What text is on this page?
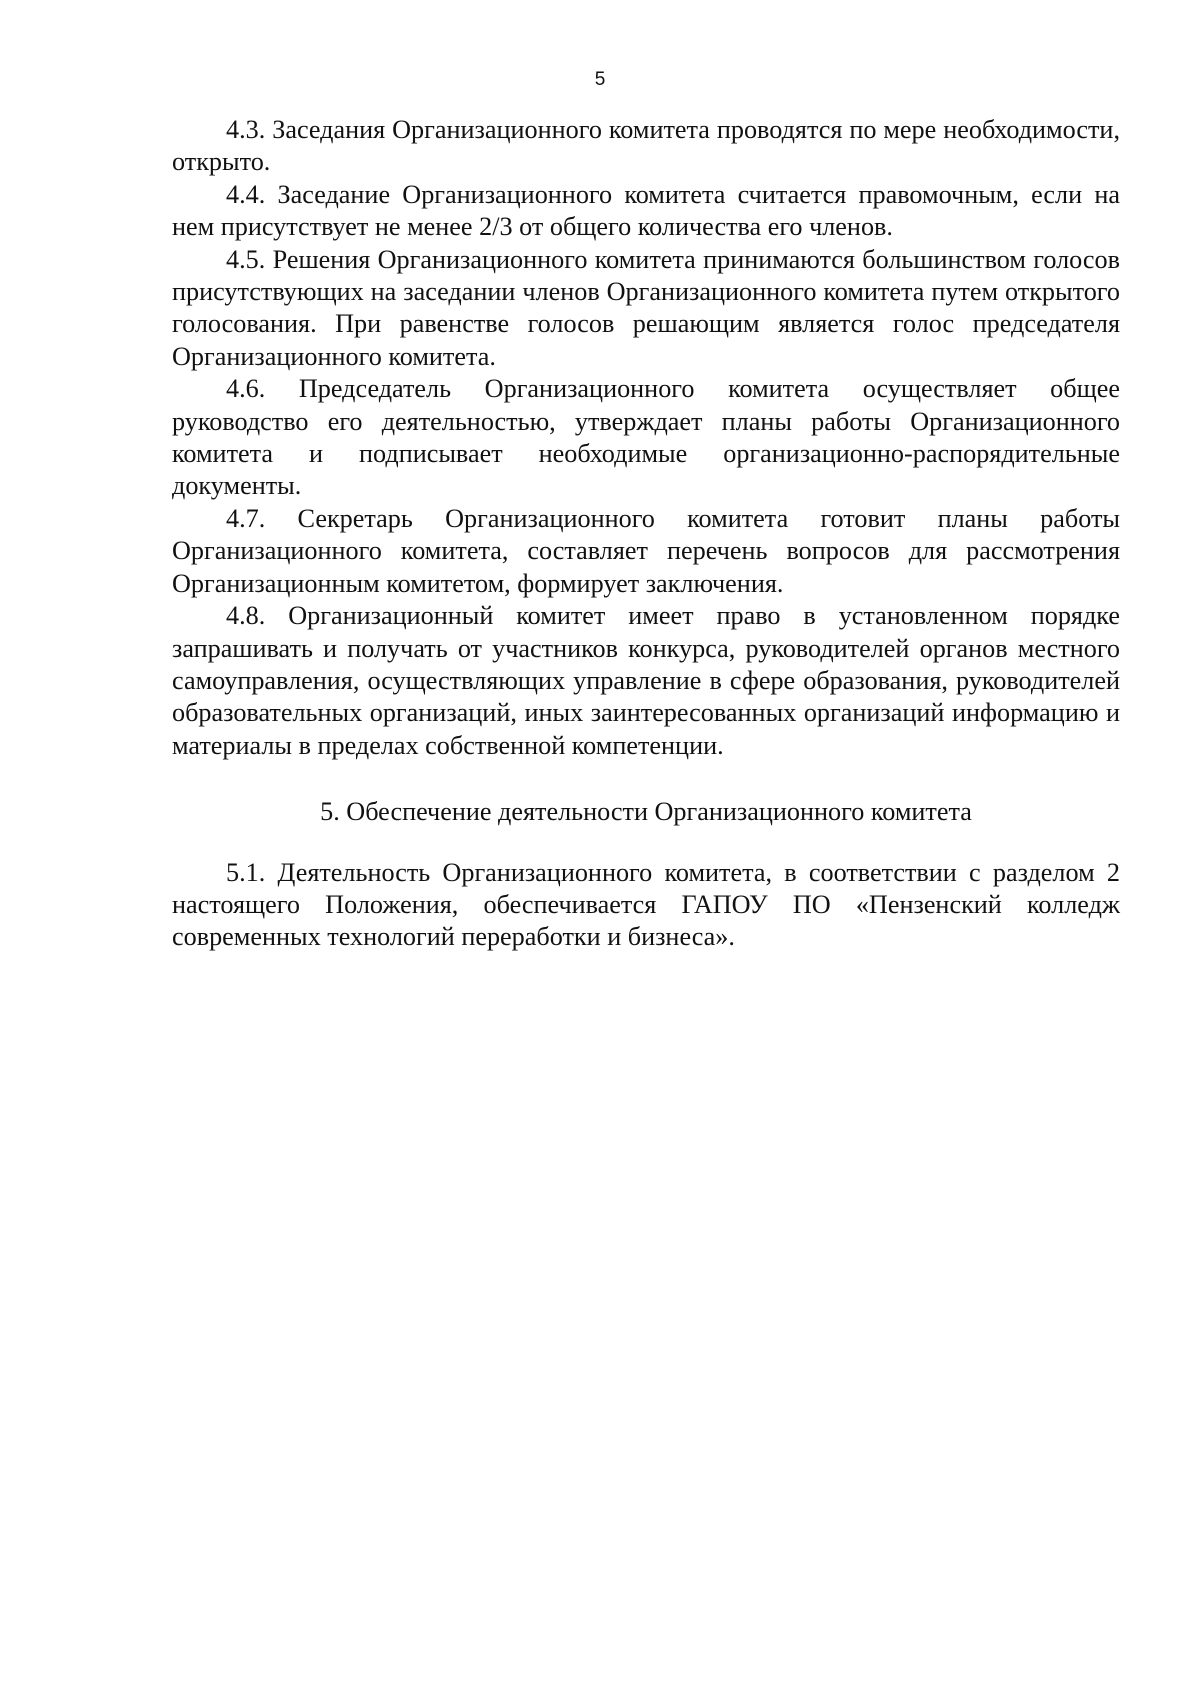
5

4.3. Заседания Организационного комитета проводятся по мере необходимости, открыто.

4.4. Заседание Организационного комитета считается правомочным, если на нем присутствует не менее 2/3 от общего количества его членов.

4.5. Решения Организационного комитета принимаются большинством голосов присутствующих на заседании членов Организационного комитета путем открытого голосования. При равенстве голосов решающим является голос председателя Организационного комитета.

4.6. Председатель Организационного комитета осуществляет общее руководство его деятельностью, утверждает планы работы Организационного комитета и подписывает необходимые организационно-распорядительные документы.

4.7. Секретарь Организационного комитета готовит планы работы Организационного комитета, составляет перечень вопросов для рассмотрения Организационным комитетом, формирует заключения.

4.8. Организационный комитет имеет право в установленном порядке запрашивать и получать от участников конкурса, руководителей органов местного самоуправления, осуществляющих управление в сфере образования, руководителей образовательных организаций, иных заинтересованных организаций информацию и материалы в пределах собственной компетенции.

5. Обеспечение деятельности Организационного комитета

5.1. Деятельность Организационного комитета, в соответствии с разделом 2 настоящего Положения, обеспечивается ГАПОУ ПО «Пензенский колледж современных технологий переработки и бизнеса».
